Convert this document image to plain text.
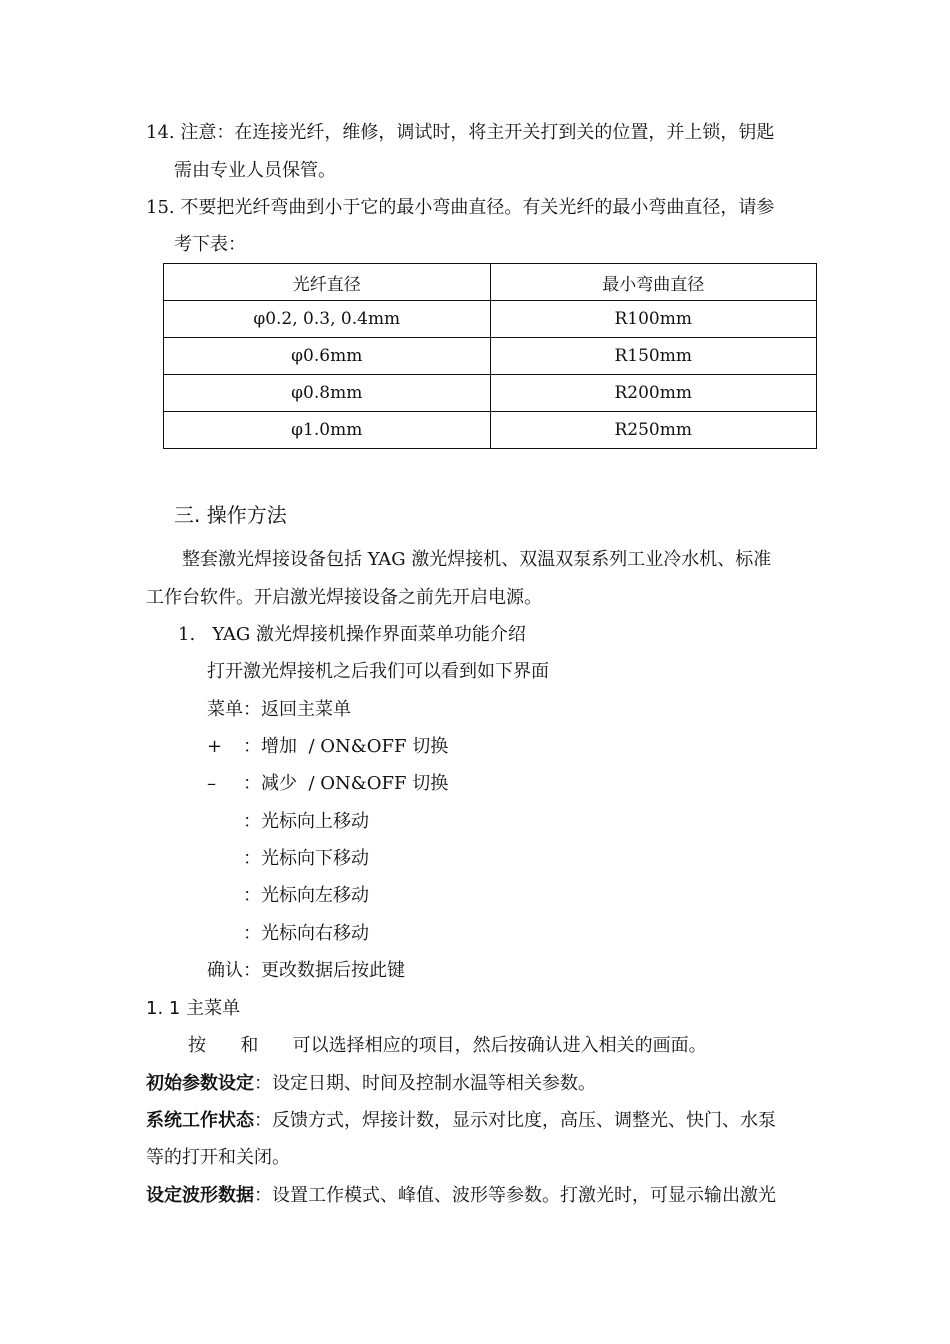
14. 注意：在连接光纤，维修，调试时，将主开关打到关的位置，并上锁，钥匙
需由专业人员保管。
15. 不要把光纤弯曲到小于它的最小弯曲直径。有关光纤的最小弯曲直径，请参
考下表：
光纤直径	最小弯曲直径
φ0.2, 0.3, 0.4mm	R100mm
φ0.6mm	R150mm
φ0.8mm	R200mm
φ1.0mm	R250mm
三. 操作方法
整套激光焊接设备包括 YAG 激光焊接机、双温双泵系列工业冷水机、标准
工作台软件。开启激光焊接设备之前先开启电源。
1.   YAG 激光焊接机操作界面菜单功能介绍
打开激光焊接机之后我们可以看到如下界面
菜单：返回主菜单
+ ：增加  / ON&OFF 切换
– ：减少  / ON&OFF 切换
：光标向上移动
：光标向下移动
：光标向左移动
：光标向右移动
确认：更改数据后按此键
1. 1 主菜单
按      和      可以选择相应的项目，然后按确认进入相关的画面。
初始参数设定：设定日期、时间及控制水温等相关参数。
系统工作状态：反馈方式，焊接计数，显示对比度，高压、调整光、快门、水泵
等的打开和关闭。
设定波形数据：设置工作模式、峰值、波形等参数。打激光时，可显示输出激光
